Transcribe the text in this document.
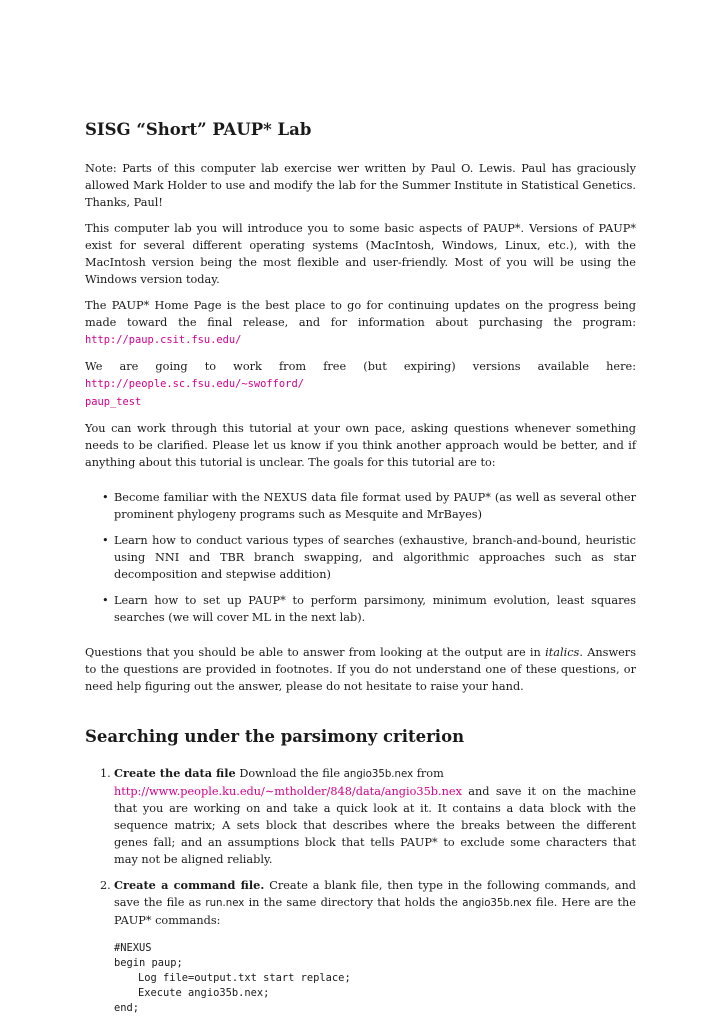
SISG “Short” PAUP* Lab

Note: Parts of this computer lab exercise wer written by Paul O. Lewis. Paul has graciously allowed Mark Holder to use and modify the lab for the Summer Institute in Statistical Genetics. Thanks, Paul!

This computer lab you will introduce you to some basic aspects of PAUP*. Versions of PAUP* exist for several different operating systems (MacIntosh, Windows, Linux, etc.), with the MacIntosh version being the most flexible and user-friendly. Most of you will be using the Windows version today.

The PAUP* Home Page is the best place to go for continuing updates on the progress being made toward the final release, and for information about purchasing the program: http://paup.csit.fsu.edu/

We are going to work from free (but expiring) versions available here: http://people.sc.fsu.edu/~swofford/
paup_test

You can work through this tutorial at your own pace, asking questions whenever something needs to be clarified. Please let us know if you think another approach would be better, and if anything about this tutorial is unclear. The goals for this tutorial are to:

• Become familiar with the NEXUS data file format used by PAUP* (as well as several other prominent phylogeny programs such as Mesquite and MrBayes)
• Learn how to conduct various types of searches (exhaustive, branch-and-bound, heuristic using NNI and TBR branch swapping, and algorithmic approaches such as star decomposition and stepwise addition)
• Learn how to set up PAUP* to perform parsimony, minimum evolution, least squares searches (we will cover ML in the next lab).

Questions that you should be able to answer from looking at the output are in italics. Answers to the questions are provided in footnotes. If you do not understand one of these questions, or need help figuring out the answer, please do not hesitate to raise your hand.

Searching under the parsimony criterion
1. Create the data file Download the file angio35b.nex from
http://www.people.ku.edu/∼mtholder/848/data/angio35b.nex and save it on the machine that you are working on and take a quick look at it. It contains a data block with the sequence matrix; A sets block that describes where the breaks between the different genes fall; and an assumptions block that tells PAUP* to exclude some characters that may not be aligned reliably.
2. Create a command file. Create a blank file, then type in the following commands, and save the file as run.nex in the same directory that holds the angio35b.nex file. Here are the PAUP* commands:
#NEXUS
begin paup;
Log file=output.txt start replace;
Execute angio35b.nex;
end;
